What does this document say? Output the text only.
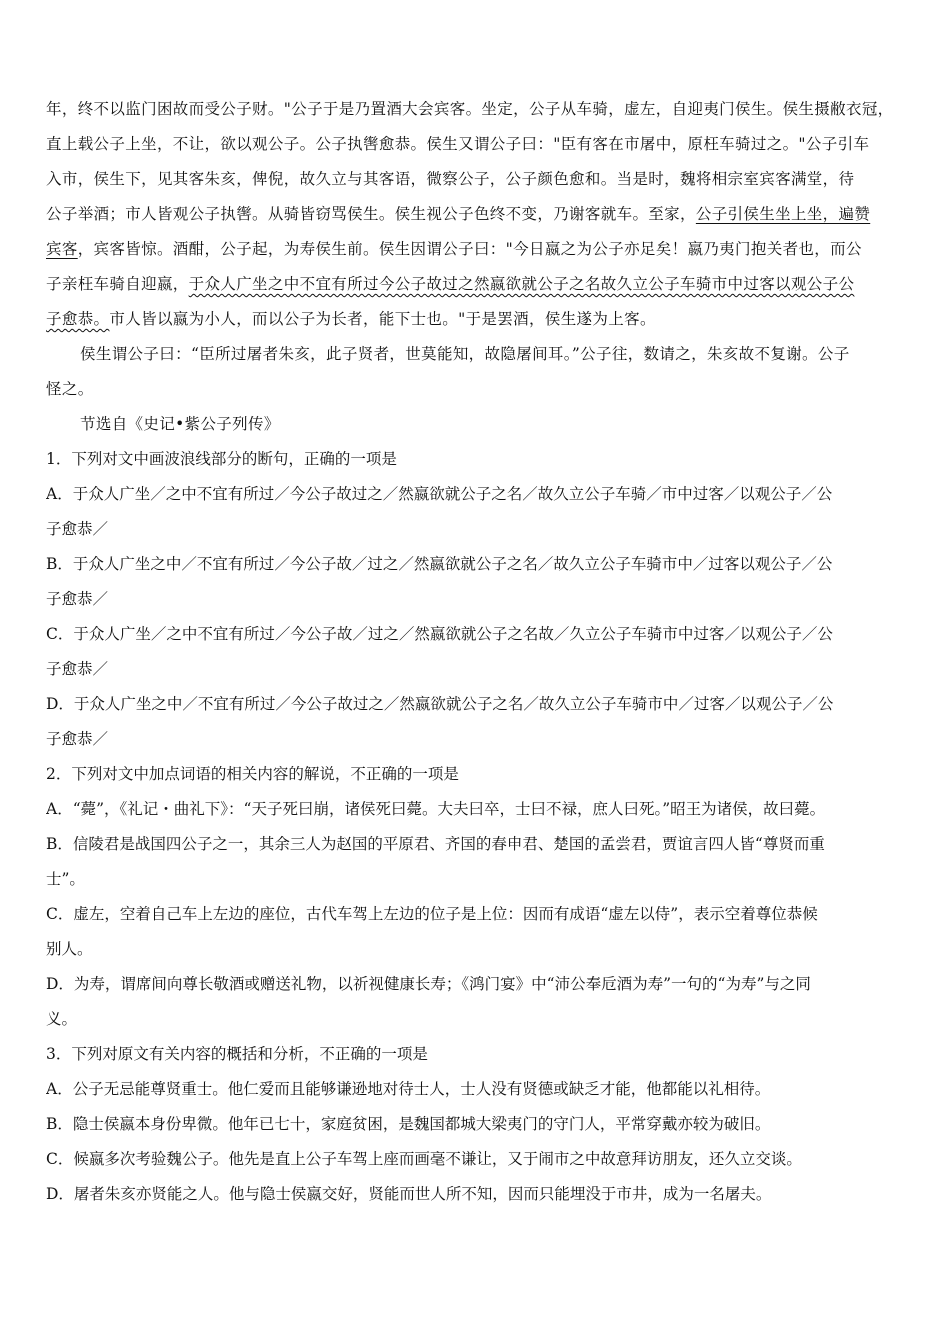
年，终不以监门困故而受公子财。"公子于是乃置酒大会宾客。坐定，公子从车骑，虚左，自迎夷门侯生。侯生摄敝衣冠，
直上载公子上坐，不让，欲以观公子。公子执辔愈恭。侯生又谓公子曰："臣有客在市屠中，原枉车骑过之。"公子引车
入市，侯生下，见其客朱亥，俾倪，故久立与其客语，微察公子，公子颜色愈和。当是时，魏将相宗室宾客满堂，待
公子举酒；市人皆观公子执辔。从骑皆窃骂侯生。侯生视公子色终不变，乃谢客就车。至家，公子引侯生坐上坐，遍赞
宾客，宾客皆惊。酒酣，公子起，为寿侯生前。侯生因谓公子曰："今日嬴之为公子亦足矣！嬴乃夷门抱关者也，而公
子亲枉车骑自迎嬴，于众人广坐之中不宜有所过今公子故过之然嬴欲就公子之名故久立公子车骑市中过客以观公子公
子愈恭。市人皆以嬴为小人，而以公子为长者，能下士也。"于是罢酒，侯生遂为上客。
侯生谓公子曰：“臣所过屠者朱亥，此子贤者，世莫能知，故隐屠间耳。”公子往，数请之，朱亥故不复谢。公子
怪之。
节选自《史记•紫公子列传》
1．下列对文中画波浪线部分的断句，正确的一项是
A．于众人广坐／之中不宜有所过／今公子故过之／然嬴欲就公子之名／故久立公子车骑／市中过客／以观公子／公
子愈恭／
B．于众人广坐之中／不宜有所过／今公子故／过之／然嬴欲就公子之名／故久立公子车骑市中／过客以观公子／公
子愈恭／
C．于众人广坐／之中不宜有所过／今公子故／过之／然嬴欲就公子之名故／久立公子车骑市中过客／以观公子／公
子愈恭／
D．于众人广坐之中／不宜有所过／今公子故过之／然嬴欲就公子之名／故久立公子车骑市中／过客／以观公子／公
子愈恭／
2．下列对文中加点词语的相关内容的解说，不正确的一项是
A．“薨”，《礼记・曲礼下》：“天子死曰崩，诸侯死曰薨。大夫曰卒，士曰不禄，庶人曰死。”昭王为诸侯，故曰薨。
B．信陵君是战国四公子之一，其余三人为赵国的平原君、齐国的春申君、楚国的孟尝君，贾谊言四人皆“尊贤而重
士”。
C．虚左，空着自己车上左边的座位，古代车驾上左边的位子是上位：因而有成语“虚左以侍”，表示空着尊位恭候
别人。
D．为寿，谓席间向尊长敬酒或赠送礼物，以祈视健康长寿；《鸿门宴》中“沛公奉卮酒为寿”一句的“为寿”与之同
义。
3．下列对原文有关内容的概括和分析，不正确的一项是
A．公子无忌能尊贤重士。他仁爱而且能够谦逊地对待士人，士人没有贤德或缺乏才能，他都能以礼相待。
B．隐士侯嬴本身份卑微。他年已七十，家庭贫困，是魏国都城大梁夷门的守门人，平常穿戴亦较为破旧。
C．候嬴多次考验魏公子。他先是直上公子车驾上座而画毫不谦让，又于闹市之中故意拜访朋友，还久立交谈。
D．屠者朱亥亦贤能之人。他与隐士侯嬴交好，贤能而世人所不知，因而只能埋没于市井，成为一名屠夫。
